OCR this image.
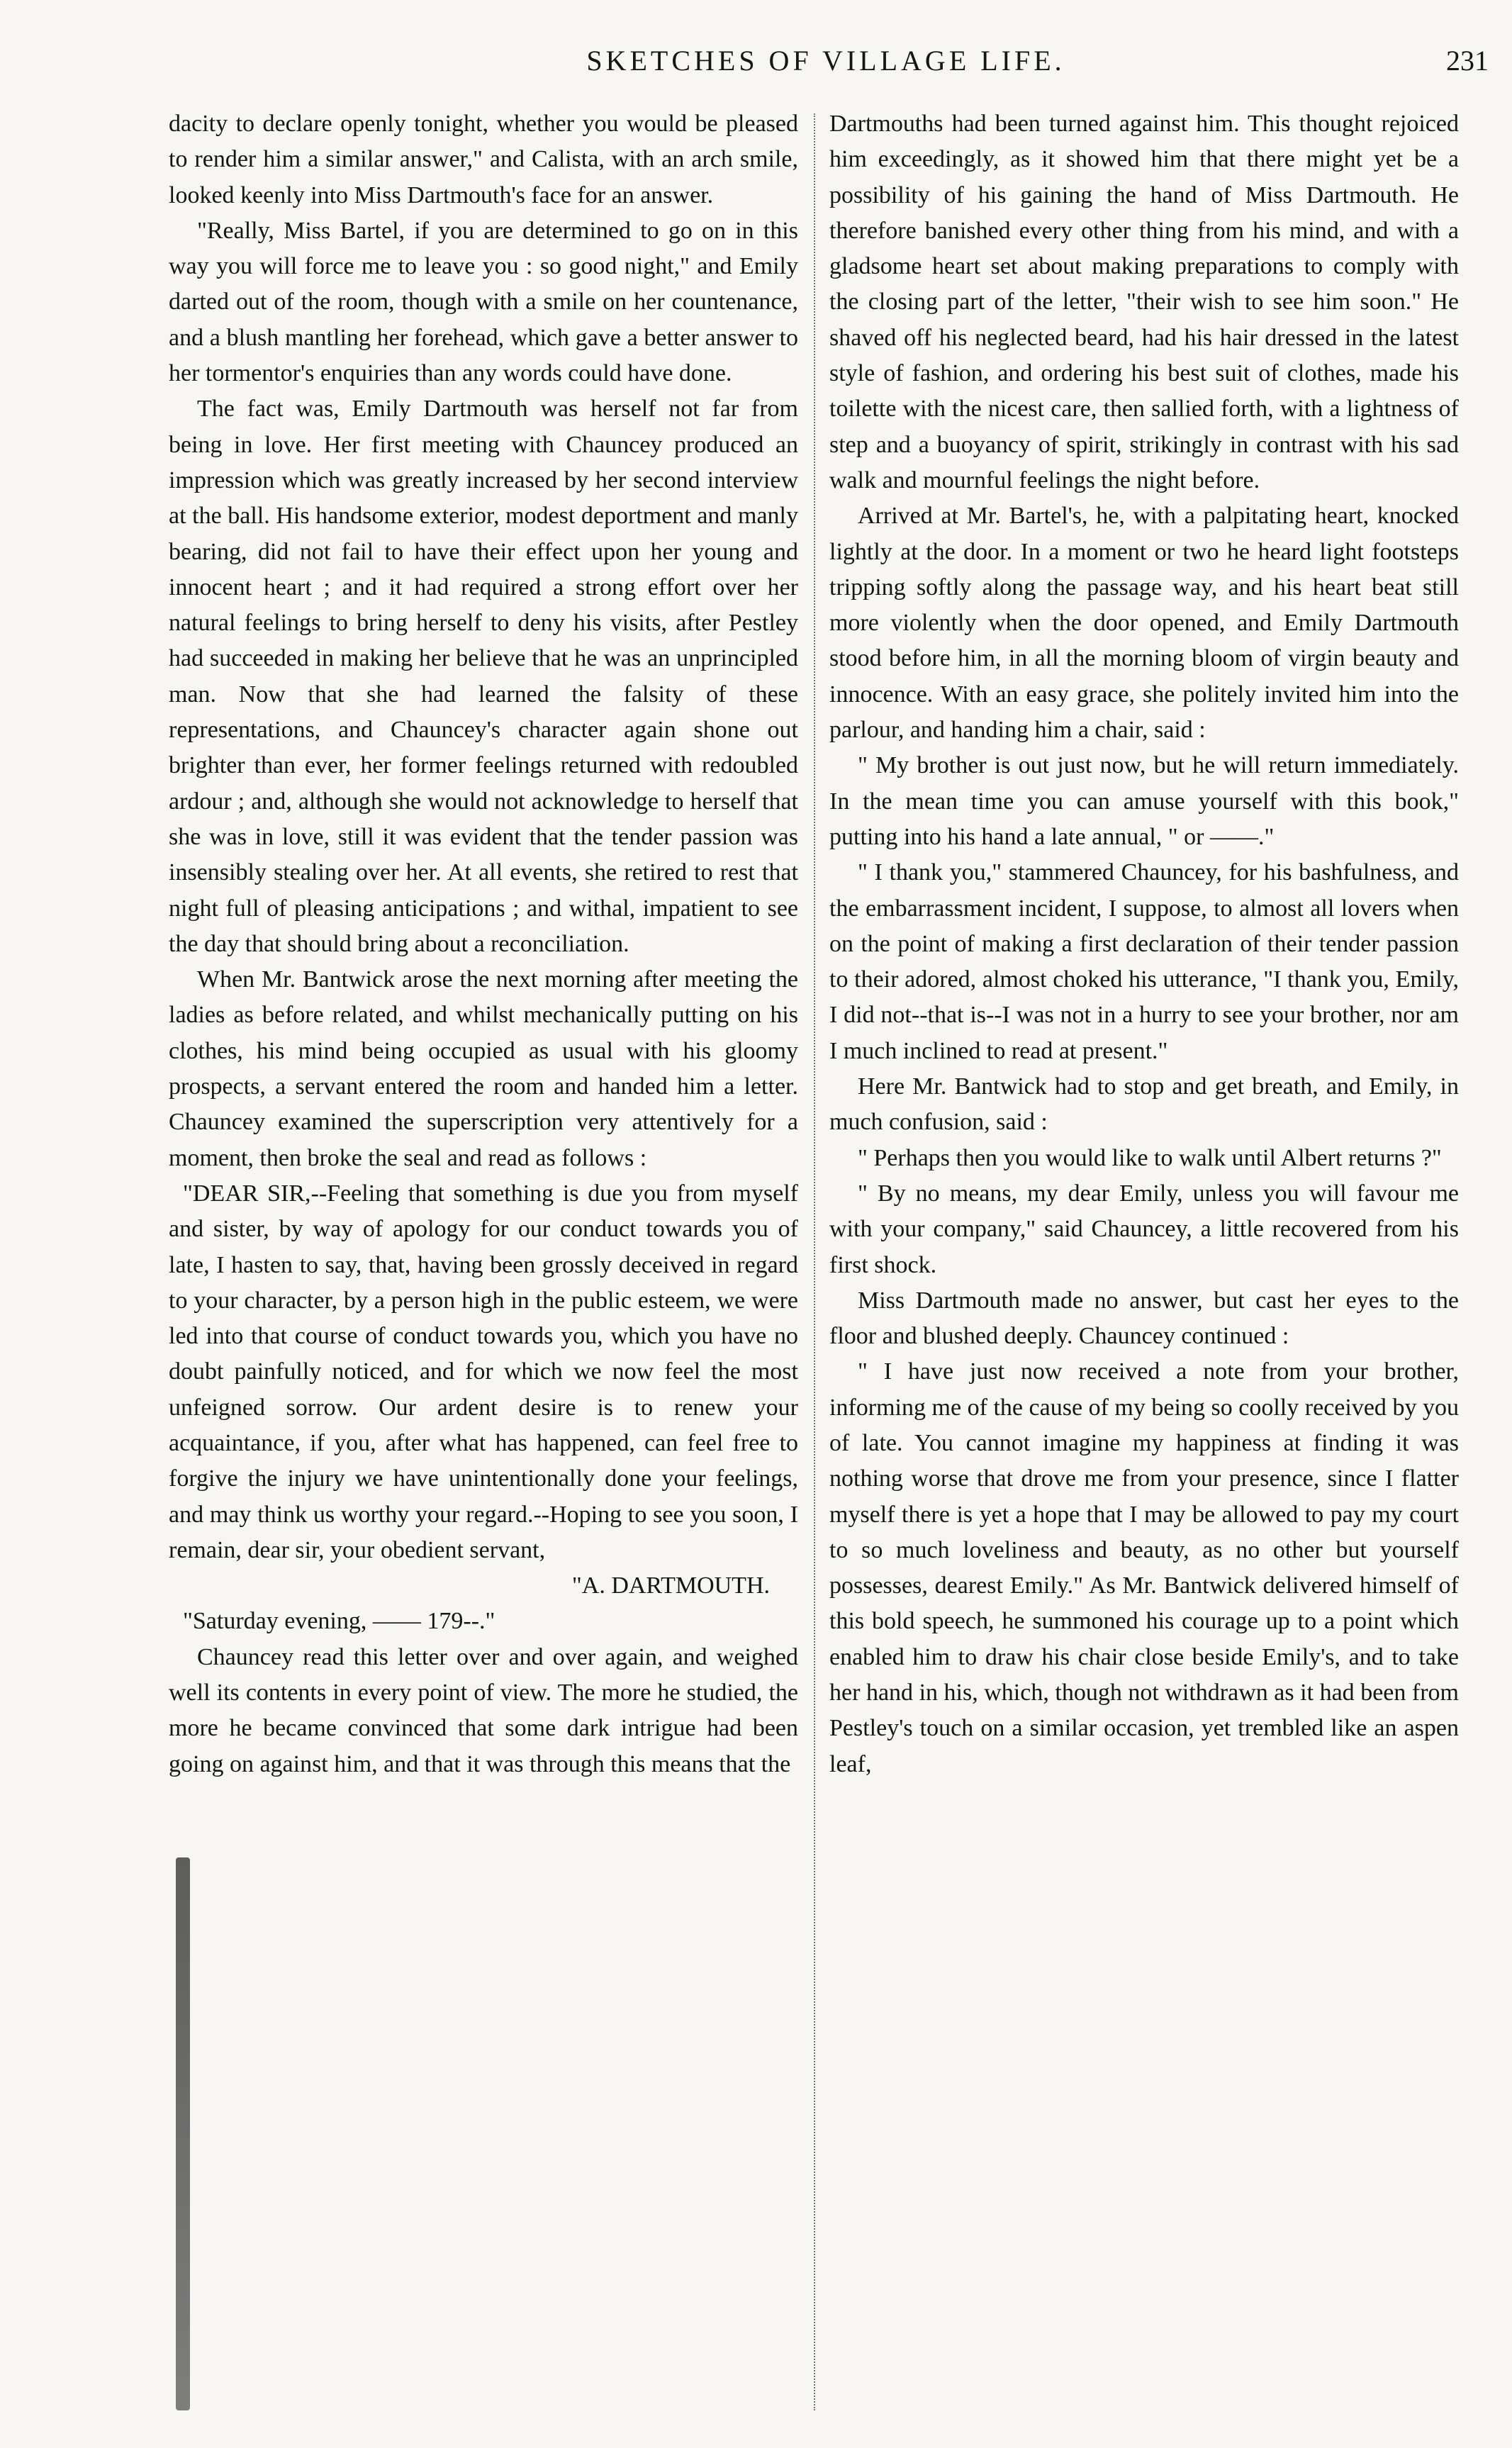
SKETCHES OF VILLAGE LIFE.	231

dacity to declare openly tonight, whether you would be pleased to render him a similar answer," and Calista, with an arch smile, looked keenly into Miss Dartmouth's face for an answer.

"Really, Miss Bartel, if you are determined to go on in this way you will force me to leave you : so good night," and Emily darted out of the room, though with a smile on her countenance, and a blush mantling her forehead, which gave a better answer to her tormentor's enquiries than any words could have done.

The fact was, Emily Dartmouth was herself not far from being in love. Her first meeting with Chauncey produced an impression which was greatly increased by her second interview at the ball. His handsome exterior, modest deportment and manly bearing, did not fail to have their effect upon her young and innocent heart ; and it had required a strong effort over her natural feelings to bring herself to deny his visits, after Pestley had succeeded in making her believe that he was an unprincipled man. Now that she had learned the falsity of these representations, and Chauncey's character again shone out brighter than ever, her former feelings returned with redoubled ardour ; and, although she would not acknowledge to herself that she was in love, still it was evident that the tender passion was insensibly stealing over her. At all events, she retired to rest that night full of pleasing anticipations ; and withal, impatient to see the day that should bring about a reconciliation.

When Mr. Bantwick arose the next morning after meeting the ladies as before related, and whilst mechanically putting on his clothes, his mind being occupied as usual with his gloomy prospects, a servant entered the room and handed him a letter. Chauncey examined the superscription very attentively for a moment, then broke the seal and read as follows :

"DEAR SIR,--Feeling that something is due you from myself and sister, by way of apology for our conduct towards you of late, I hasten to say, that, having been grossly deceived in regard to your character, by a person high in the public esteem, we were led into that course of conduct towards you, which you have no doubt painfully noticed, and for which we now feel the most unfeigned sorrow. Our ardent desire is to renew your acquaintance, if you, after what has happened, can feel free to forgive the injury we have unintentionally done your feelings, and may think us worthy your regard.--Hoping to see you soon, I remain, dear sir, your obedient servant,

"A. DARTMOUTH.

"Saturday evening, —— 179--."

Chauncey read this letter over and over again, and weighed well its contents in every point of view. The more he studied, the more he became convinced that some dark intrigue had been going on against him, and that it was through this means that the

Dartmouths had been turned against him. This thought rejoiced him exceedingly, as it showed him that there might yet be a possibility of his gaining the hand of Miss Dartmouth. He therefore banished every other thing from his mind, and with a gladsome heart set about making preparations to comply with the closing part of the letter, "their wish to see him soon." He shaved off his neglected beard, had his hair dressed in the latest style of fashion, and ordering his best suit of clothes, made his toilette with the nicest care, then sallied forth, with a lightness of step and a buoyancy of spirit, strikingly in contrast with his sad walk and mournful feelings the night before.

Arrived at Mr. Bartel's, he, with a palpitating heart, knocked lightly at the door. In a moment or two he heard light footsteps tripping softly along the passage way, and his heart beat still more violently when the door opened, and Emily Dartmouth stood before him, in all the morning bloom of virgin beauty and innocence. With an easy grace, she politely invited him into the parlour, and handing him a chair, said :

" My brother is out just now, but he will return immediately. In the mean time you can amuse yourself with this book," putting into his hand a late annual, " or ——."

" I thank you," stammered Chauncey, for his bashfulness, and the embarrassment incident, I suppose, to almost all lovers when on the point of making a first declaration of their tender passion to their adored, almost choked his utterance, "I thank you, Emily, I did not--that is--I was not in a hurry to see your brother, nor am I much inclined to read at present."

Here Mr. Bantwick had to stop and get breath, and Emily, in much confusion, said :

" Perhaps then you would like to walk until Albert returns ?"

" By no means, my dear Emily, unless you will favour me with your company," said Chauncey, a little recovered from his first shock.

Miss Dartmouth made no answer, but cast her eyes to the floor and blushed deeply. Chauncey continued :

" I have just now received a note from your brother, informing me of the cause of my being so coolly received by you of late. You cannot imagine my happiness at finding it was nothing worse that drove me from your presence, since I flatter myself there is yet a hope that I may be allowed to pay my court to so much loveliness and beauty, as no other but yourself possesses, dearest Emily." As Mr. Bantwick delivered himself of this bold speech, he summoned his courage up to a point which enabled him to draw his chair close beside Emily's, and to take her hand in his, which, though not withdrawn as it had been from Pestley's touch on a similar occasion, yet trembled like an aspen leaf,
